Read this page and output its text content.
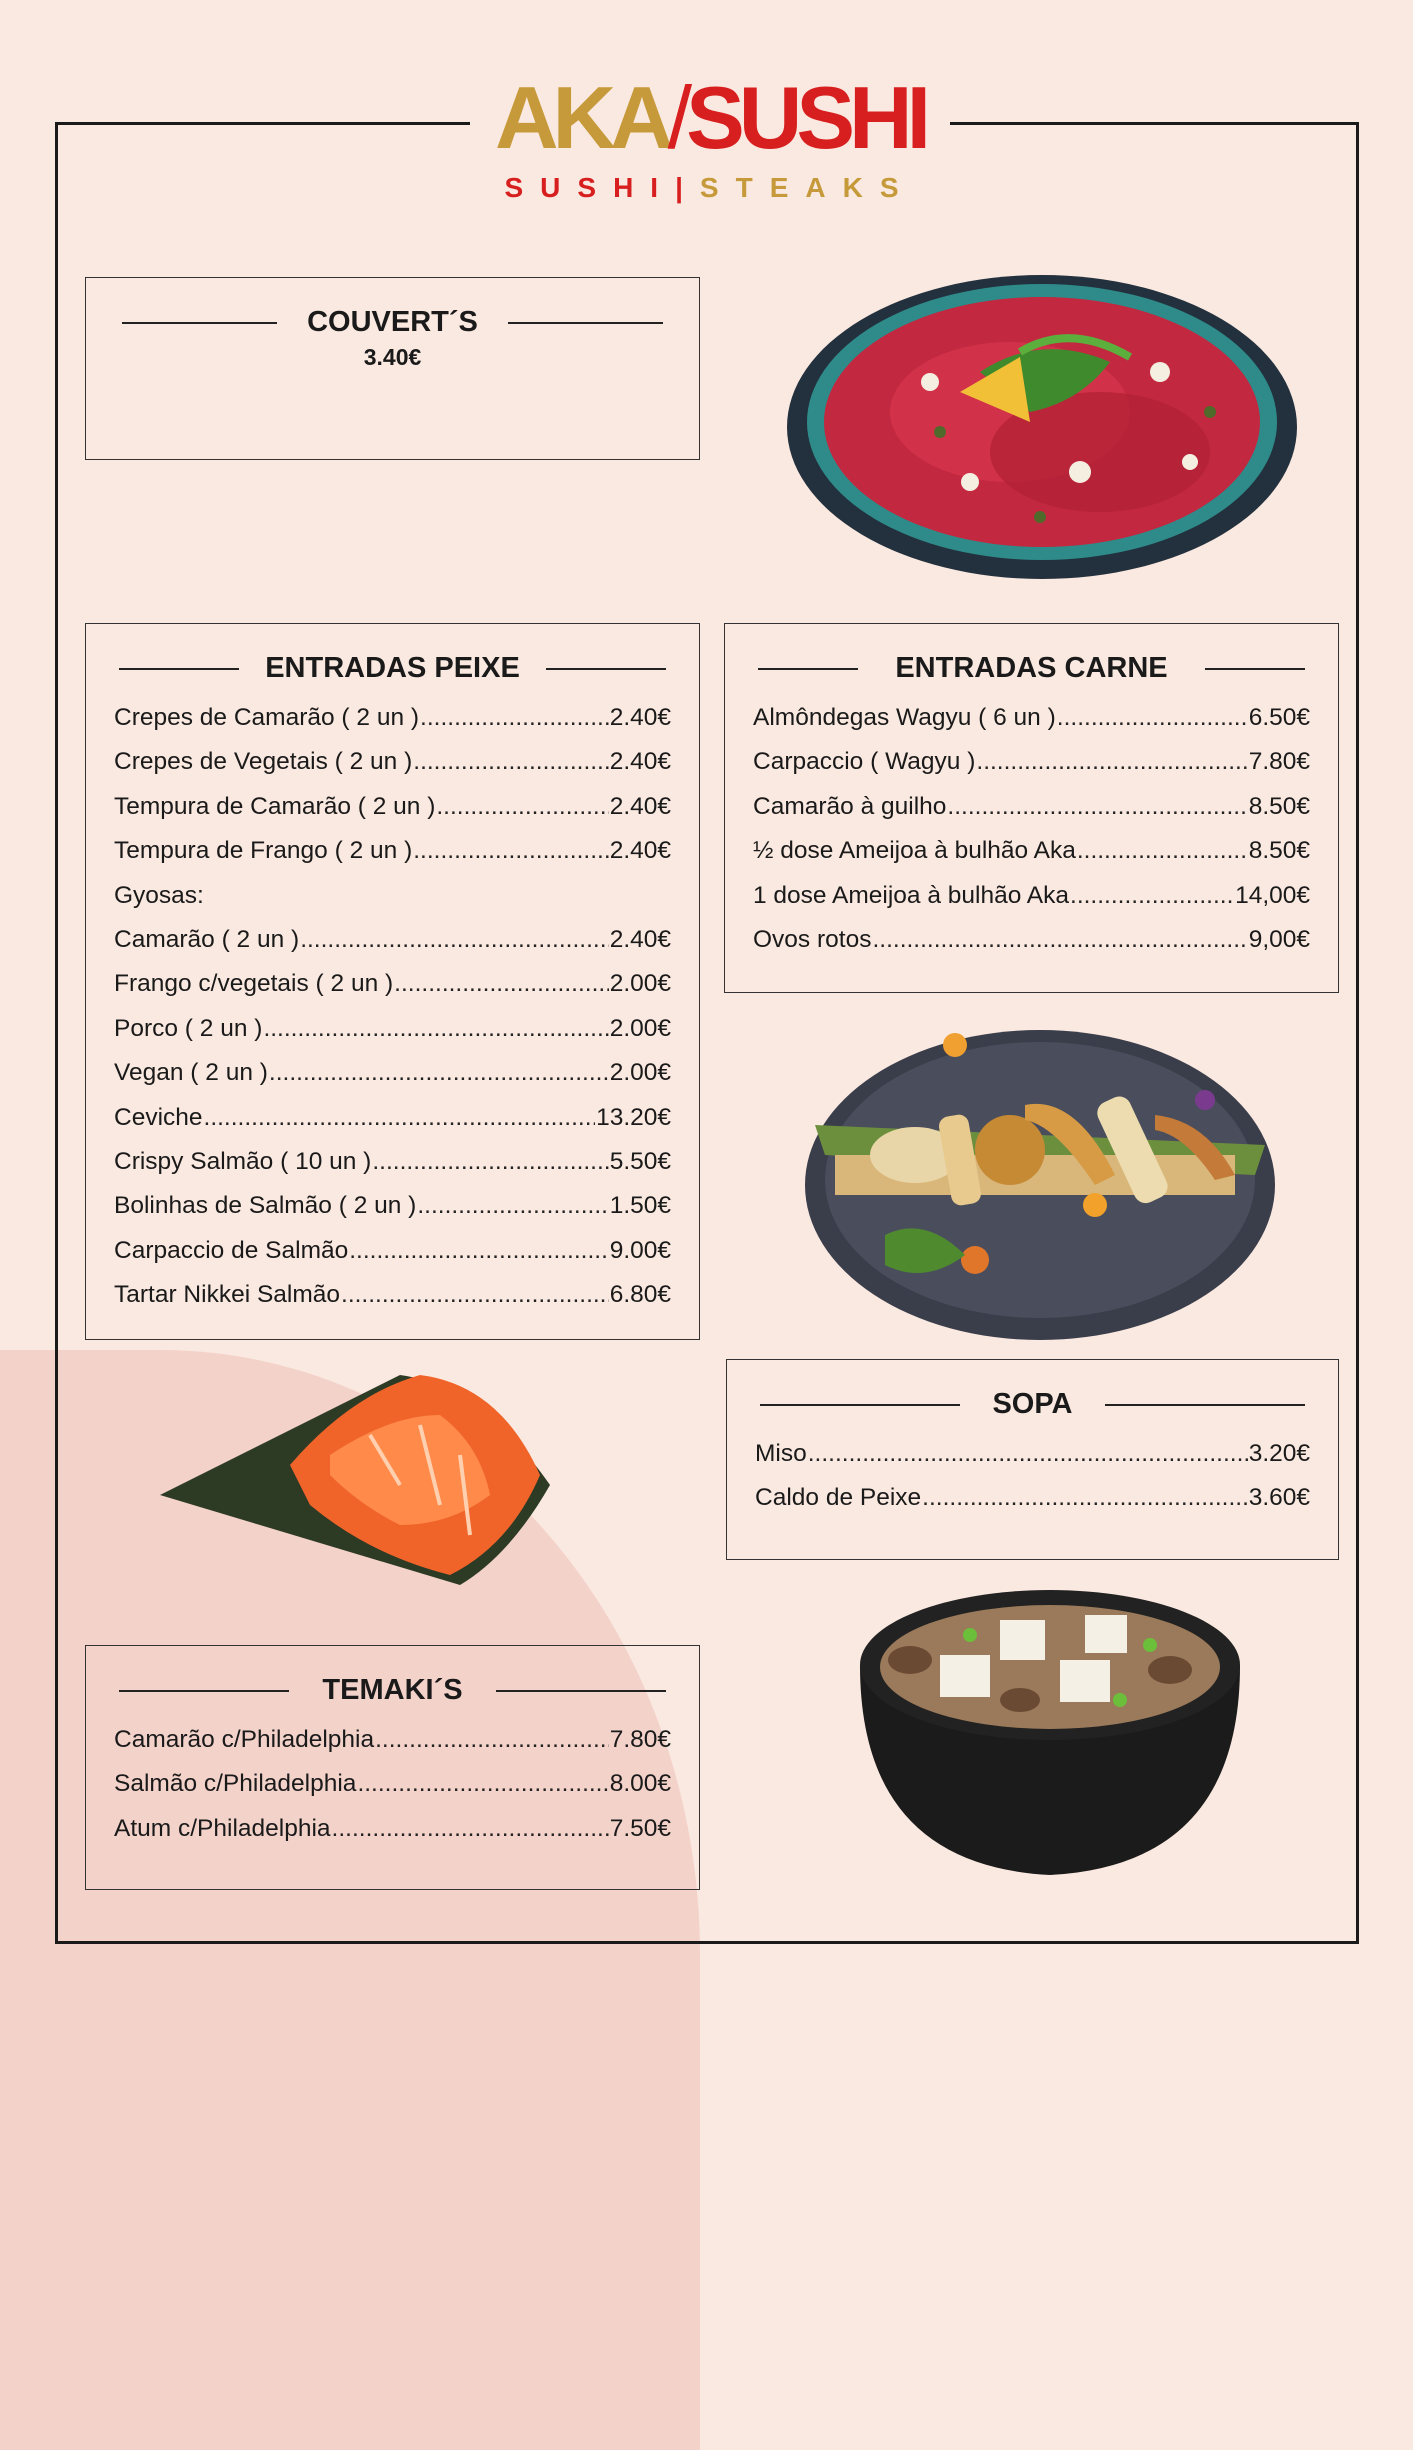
AKA/SUSHI
SUSHI|STEAKS
COUVERT´S
3.40€
ENTRADAS PEIXE
Crepes de Camarão ( 2 un ) .....	2.40€
Crepes de Vegetais ( 2 un ) .....	2.40€
Tempura de Camarão ( 2 un ) .....	2.40€
Tempura de Frango ( 2 un ) .....	2.40€
Gyosas:
Camarão ( 2 un ) .....	2.40€
Frango c/vegetais ( 2 un ) .....	2.00€
Porco ( 2 un ) .....	2.00€
Vegan ( 2 un ) .....	2.00€
Ceviche .....	13.20€
Crispy Salmão ( 10 un ) .....	5.50€
Bolinhas de Salmão ( 2 un ) .....	1.50€
Carpaccio de Salmão .....	9.00€
Tartar Nikkei Salmão .....	6.80€
ENTRADAS CARNE
Almôndegas Wagyu ( 6 un ) .....	6.50€
Carpaccio ( Wagyu ) .....	7.80€
Camarão à guilho .....	8.50€
½ dose Ameijoa à bulhão Aka .....	8.50€
1 dose Ameijoa à bulhão Aka .....	14,00€
Ovos rotos .....	9,00€
SOPA
Miso .....	3.20€
Caldo de Peixe .....	3.60€
TEMAKI´S
Camarão c/Philadelphia .....	7.80€
Salmão c/Philadelphia .....	8.00€
Atum c/Philadelphia .....	7.50€
